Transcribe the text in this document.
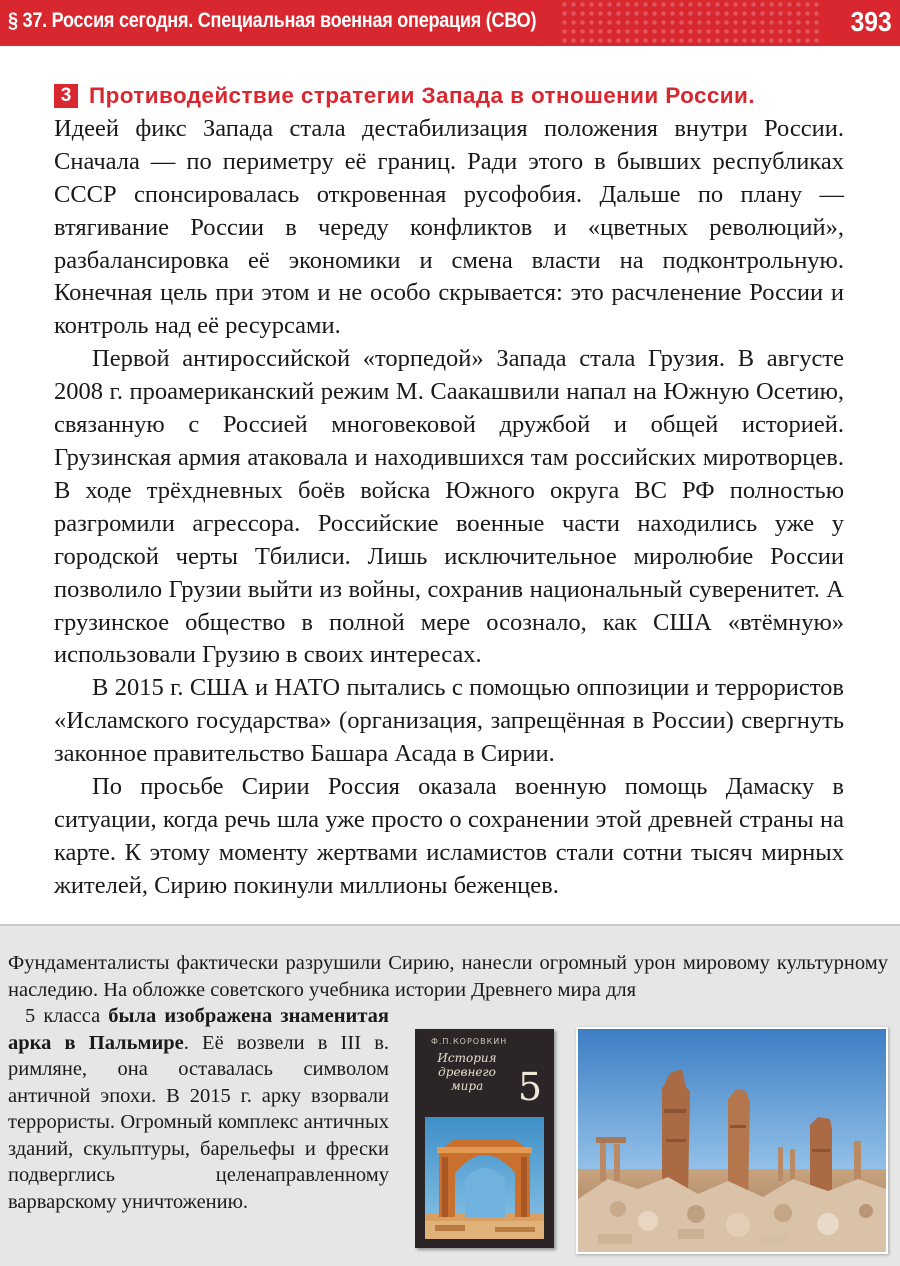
§ 37. Россия сегодня. Специальная военная операция (СВО)	393
3 Противодействие стратегии Запада в отношении России.

Идеей фикс Запада стала дестабилизация положения внутри России. Сначала — по периметру её границ. Ради этого в бывших республиках СССР спонсировалась откровенная русофобия. Дальше по плану — втягивание России в череду конфликтов и «цветных революций», разбалансировка её экономики и смена власти на подконтрольную. Конечная цель при этом и не особо скрывается: это расчленение России и контроль над её ресурсами.

Первой антироссийской «торпедой» Запада стала Грузия. В августе 2008 г. проамериканский режим М. Саакашвили напал на Южную Осетию, связанную с Россией многовековой дружбой и общей историей. Грузинская армия атаковала и находившихся там российских миротворцев. В ходе трёхдневных боёв войска Южного округа ВС РФ полностью разгромили агрессора. Российские военные части находились уже у городской черты Тбилиси. Лишь исключительное миролюбие России позволило Грузии выйти из войны, сохранив национальный суверенитет. А грузинское общество в полной мере осознало, как США «втёмную» использовали Грузию в своих интересах.

В 2015 г. США и НАТО пытались с помощью оппозиции и террористов «Исламского государства» (организация, запрещённая в России) свергнуть законное правительство Башара Асада в Сирии.

По просьбе Сирии Россия оказала военную помощь Дамаску в ситуации, когда речь шла уже просто о сохранении этой древней страны на карте. К этому моменту жертвами исламистов стали сотни тысяч мирных жителей, Сирию покинули миллионы беженцев.

Фундаменталисты фактически разрушили Сирию, нанесли огромный урон мировому культурному наследию. На обложке советского учебника истории Древнего мира для

5 класса была изображена знаменитая арка в Пальмире. Её возвели в III в. римляне, она оставалась символом античной эпохи. В 2015 г. арку взорвали террористы. Огромный комплекс античных зданий, скульптуры, барельефы и фрески подверглись целенаправленному варварскому уничтожению.

Ф.П.КОРОВКИН
История древнего мира 5
